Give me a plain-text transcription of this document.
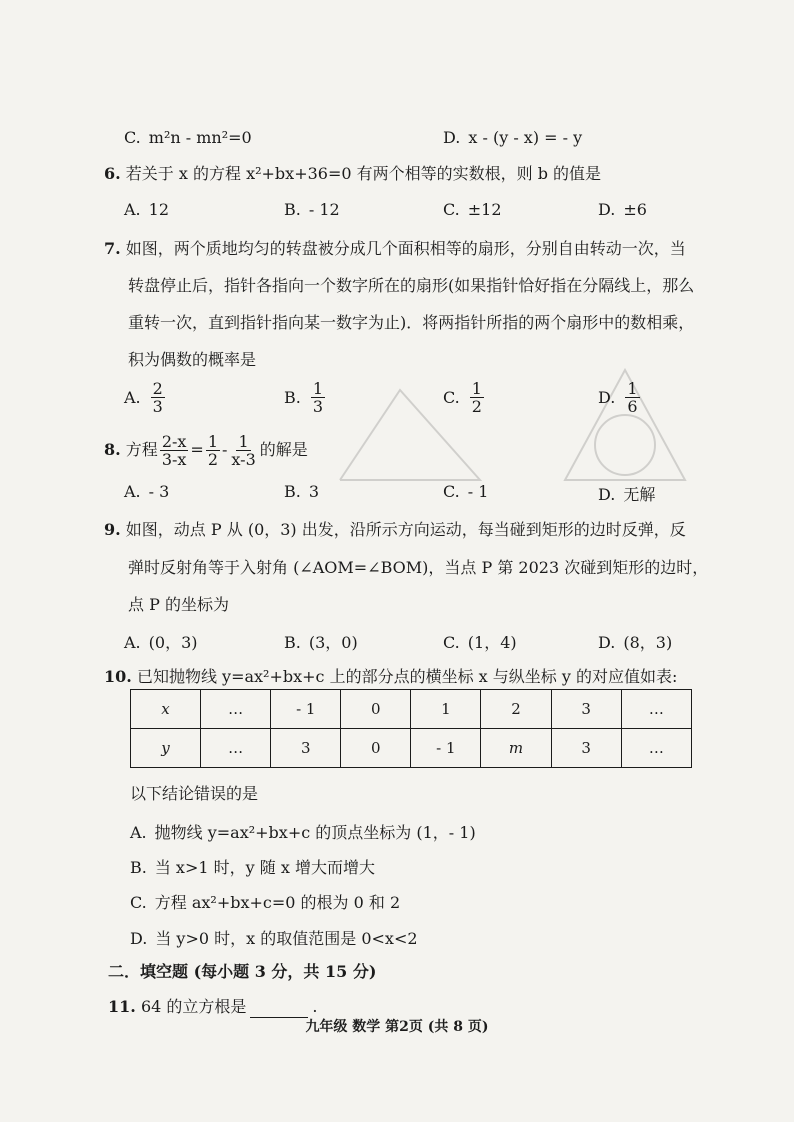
C. m²n - mn²=0	D. x - (y - x) = - y
6. 若关于 x 的方程 x²+bx+36=0 有两个相等的实数根，则 b 的值是
A. 12	B. - 12	C. ±12	D. ±6
7. 如图，两个质地均匀的转盘被分成几个面积相等的扇形，分别自由转动一次，当
转盘停止后，指针各指向一个数字所在的扇形(如果指针恰好指在分隔线上，那么
重转一次，直到指针指向某一数字为止)．将两指针所指的两个扇形中的数相乘，
积为偶数的概率是
A. $\frac{2}{3}$	B. $\frac{1}{3}$	C. $\frac{1}{2}$	D. $\frac{1}{6}$
8. 方程 $\frac{2-x}{3-x} = \frac{1}{2} - \frac{1}{x-3}$ 的解是
A. - 3	B. 3	C. - 1	D. 无解
9. 如图，动点 P 从 (0，3) 出发，沿所示方向运动，每当碰到矩形的边时反弹，反
弹时反射角等于入射角 (∠AOM=∠BOM)，当点 P 第 2023 次碰到矩形的边时，
点 P 的坐标为
A. (0，3)	B. (3，0)	C. (1，4)	D. (8，3)
10. 已知抛物线 y=ax²+bx+c 上的部分点的横坐标 x 与纵坐标 y 的对应值如表:
x	…	- 1	0	1	2	3	…
y	…	3	0	- 1	m	3	…
以下结论错误的是
A. 抛物线 y=ax²+bx+c 的顶点坐标为 (1，- 1)
B. 当 x>1 时，y 随 x 增大而增大
C. 方程 ax²+bx+c=0 的根为 0 和 2
D. 当 y>0 时，x 的取值范围是 0<x<2
二．填空题 (每小题 3 分，共 15 分)
11. 64 的立方根是	.
九年级 数学 第2页 (共 8 页)
